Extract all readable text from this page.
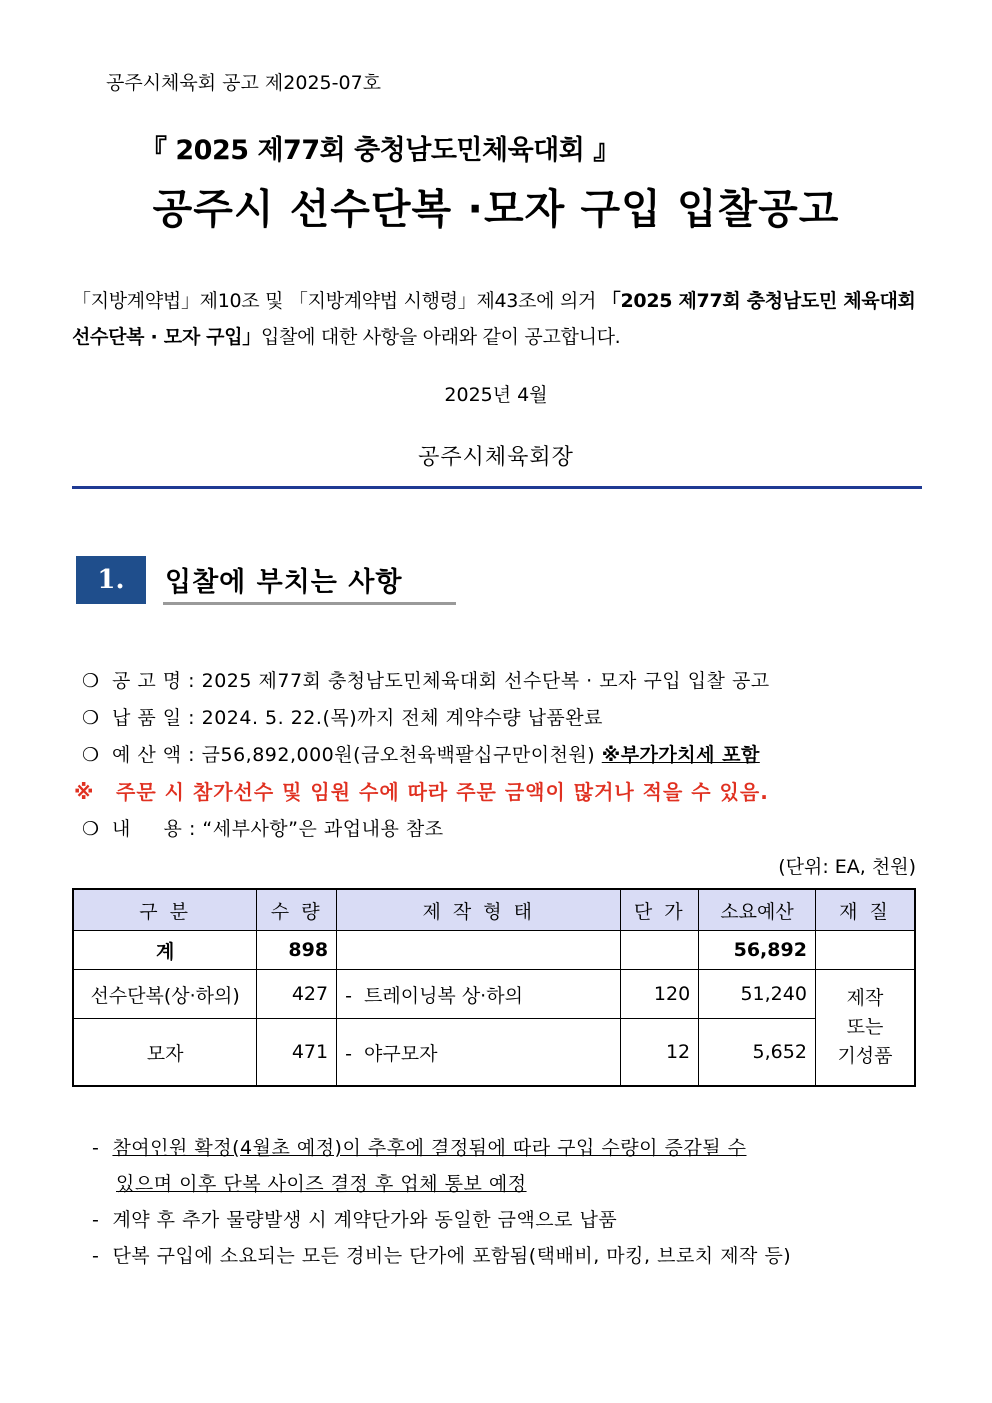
공주시체육회 공고 제2025-07호
『 2025 제77회 충청남도민체육대회 』
공주시 선수단복 ·모자 구입 입찰공고
「지방계약법」제10조 및 「지방계약법 시행령」제43조에 의거 「2025 제77회 충청남도민 체육대회 선수단복 · 모자 구입」입찰에 대한 사항을 아래와 같이 공고합니다.
2025년 4월
공주시체육회장
1.	입찰에 부치는 사항
❍ 공 고 명 : 2025 제77회 충청남도민체육대회 선수단복 · 모자 구입 입찰 공고
❍ 납 품 일 : 2024. 5. 22.(목)까지 전체 계약수량 납품완료
❍ 예 산 액 : 금56,892,000원(금오천육백팔십구만이천원) ※부가가치세 포함
※ 주문 시 참가선수 및 임원 수에 따라 주문 금액이 많거나 적을 수 있음.
❍ 내     용 : “세부사항”은 과업내용 참조
(단위: EA, 천원)
구 분	수 량	제 작 형 태	단 가	소요예산	재 질
계	898			56,892	
선수단복(상·하의)	427	-  트레이닝복 상·하의	120	51,240	제작
또는
기성품
모자	471	-  야구모자	12	5,652	
-  참여인원 확정(4월초 예정)이 추후에 결정됨에 따라 구입 수량이 증감될 수
있으며 이후 단복 사이즈 결정 후 업체 통보 예정
-  계약 후 추가 물량발생 시 계약단가와 동일한 금액으로 납품
-  단복 구입에 소요되는 모든 경비는 단가에 포함됨(택배비, 마킹, 브로치 제작 등)
